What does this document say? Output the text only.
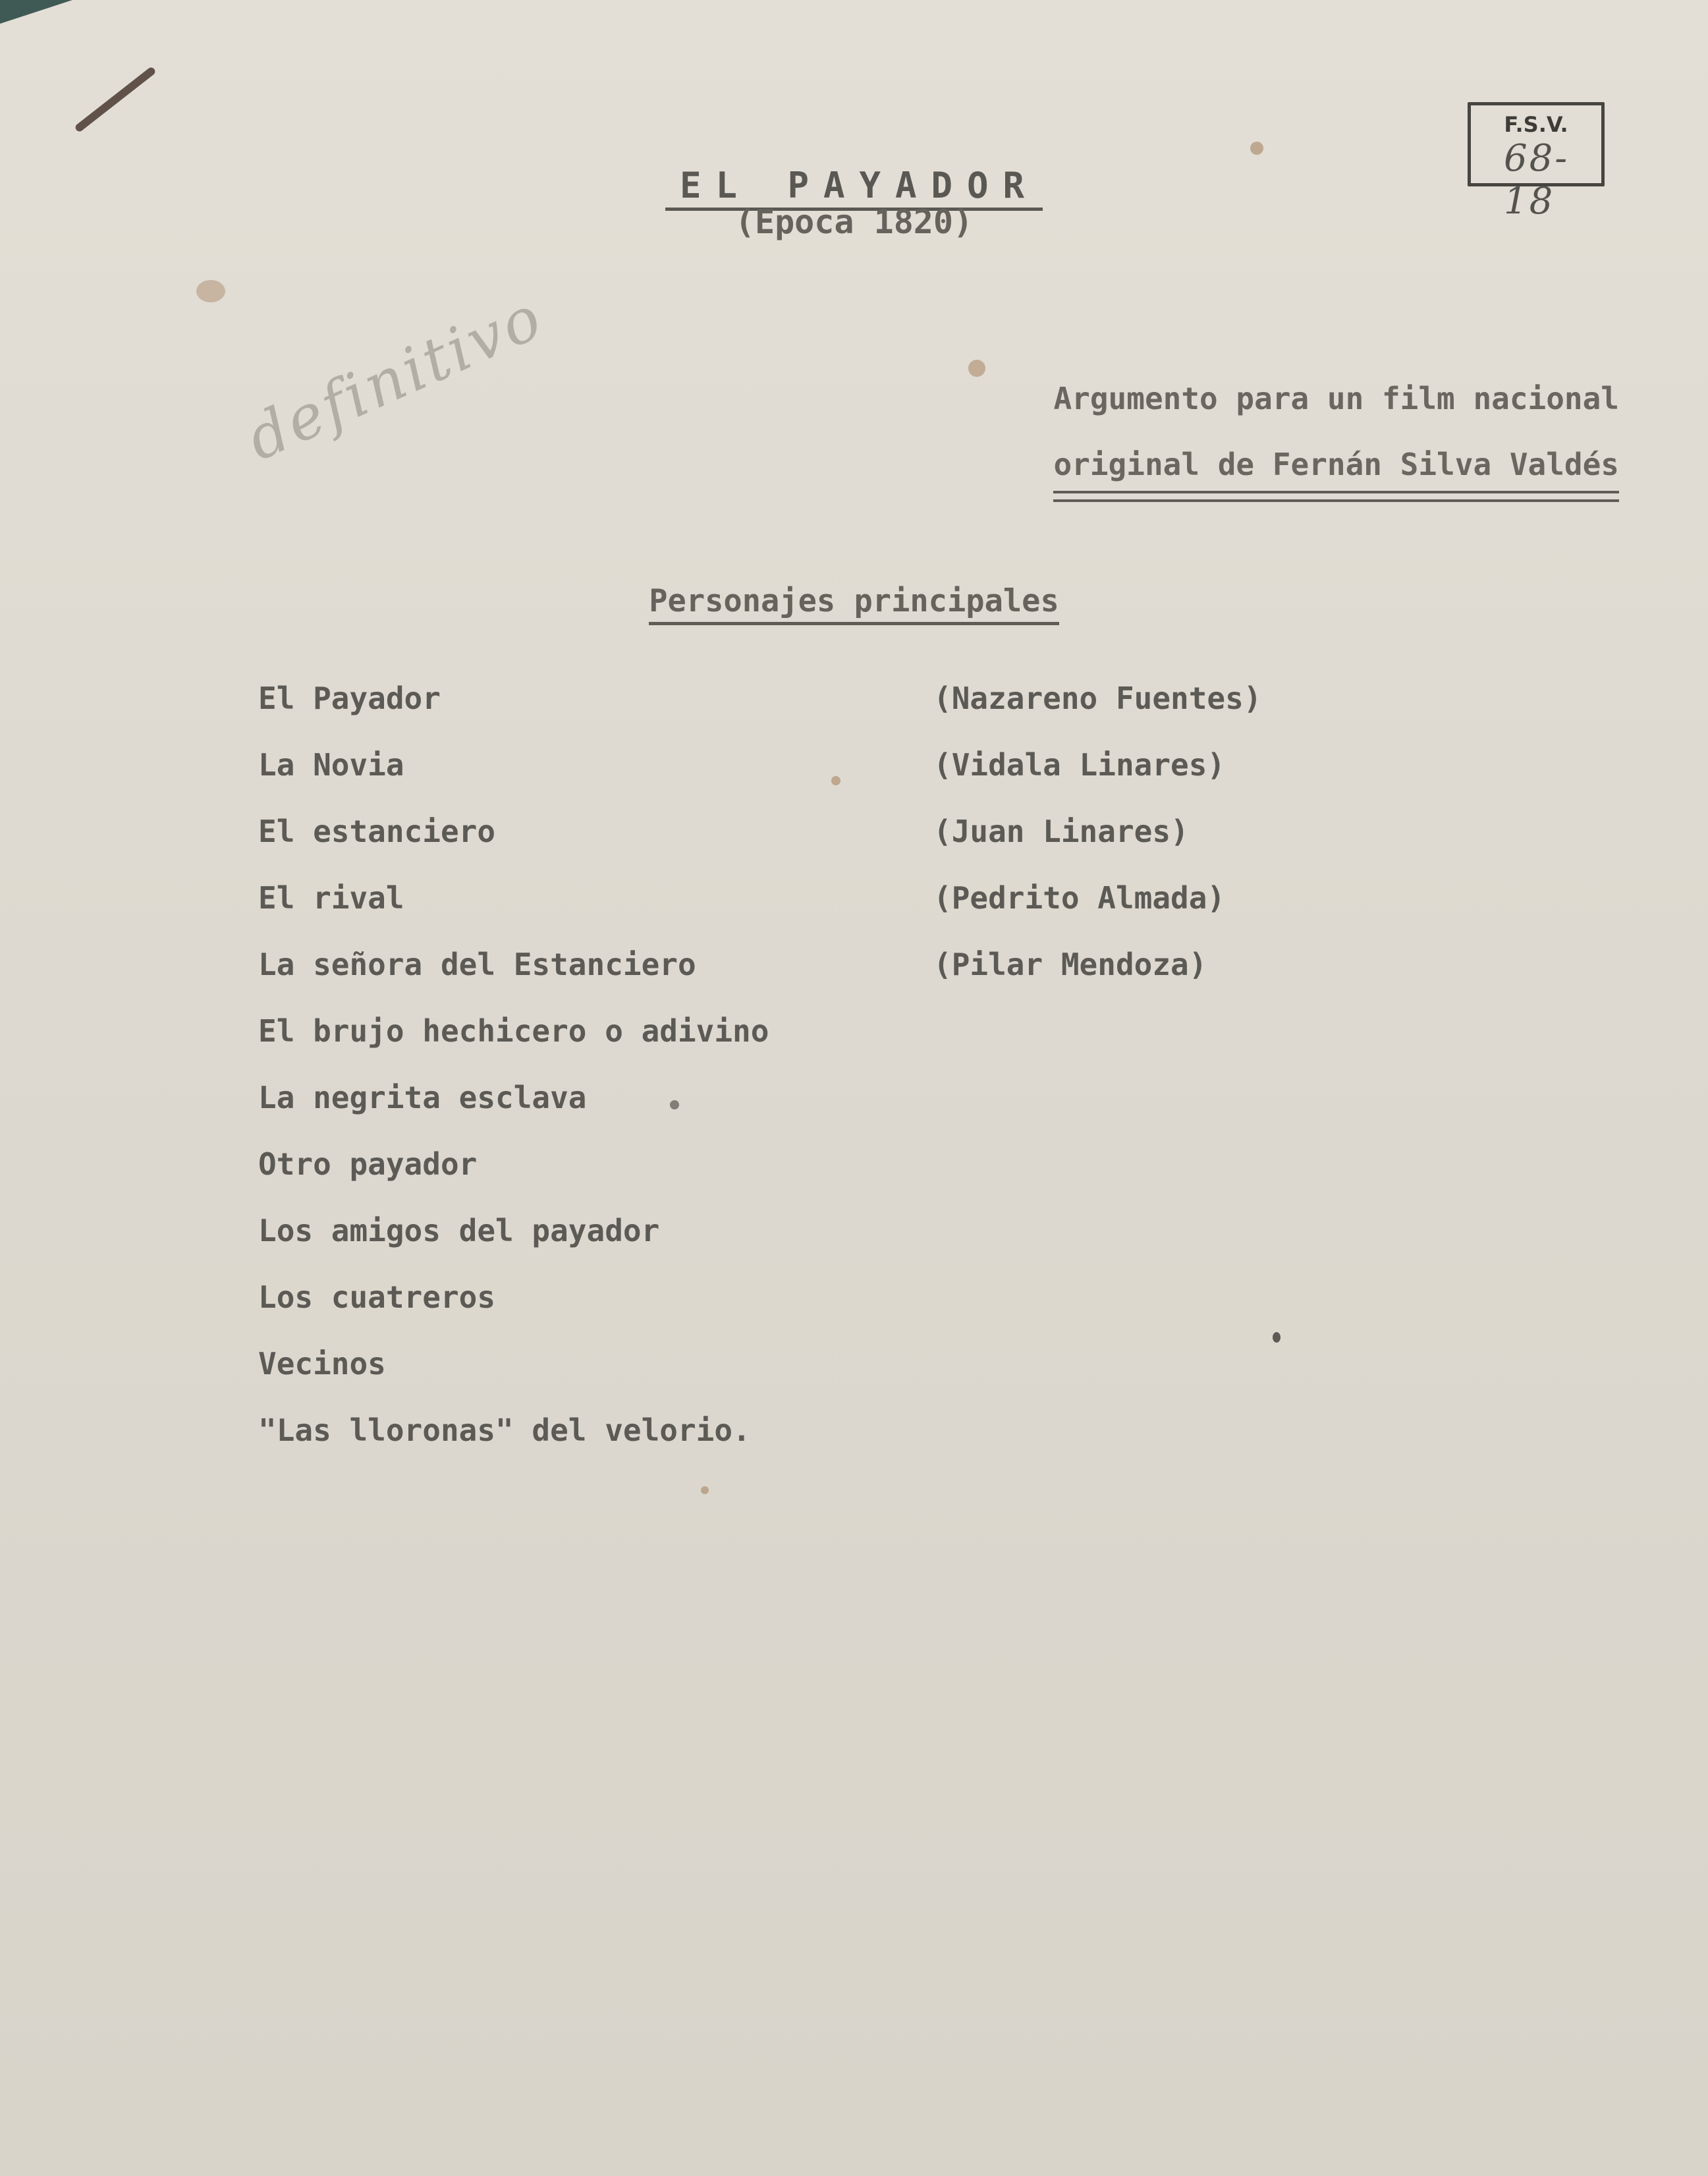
F.S.V.
68-18
EL PAYADOR
(Epoca 1820)
definitivo	Argumento para un film nacional
original de Fernán Silva Valdés
Personajes principales
El Payador	(Nazareno Fuentes)
La Novia	(Vidala Linares)
El estanciero	(Juan Linares)
El rival	(Pedrito Almada)
La señora del Estanciero	(Pilar Mendoza)
El brujo hechicero o adivino
La negrita esclava
Otro payador
Los amigos del payador
Los cuatreros
Vecinos
"Las lloronas" del velorio.
